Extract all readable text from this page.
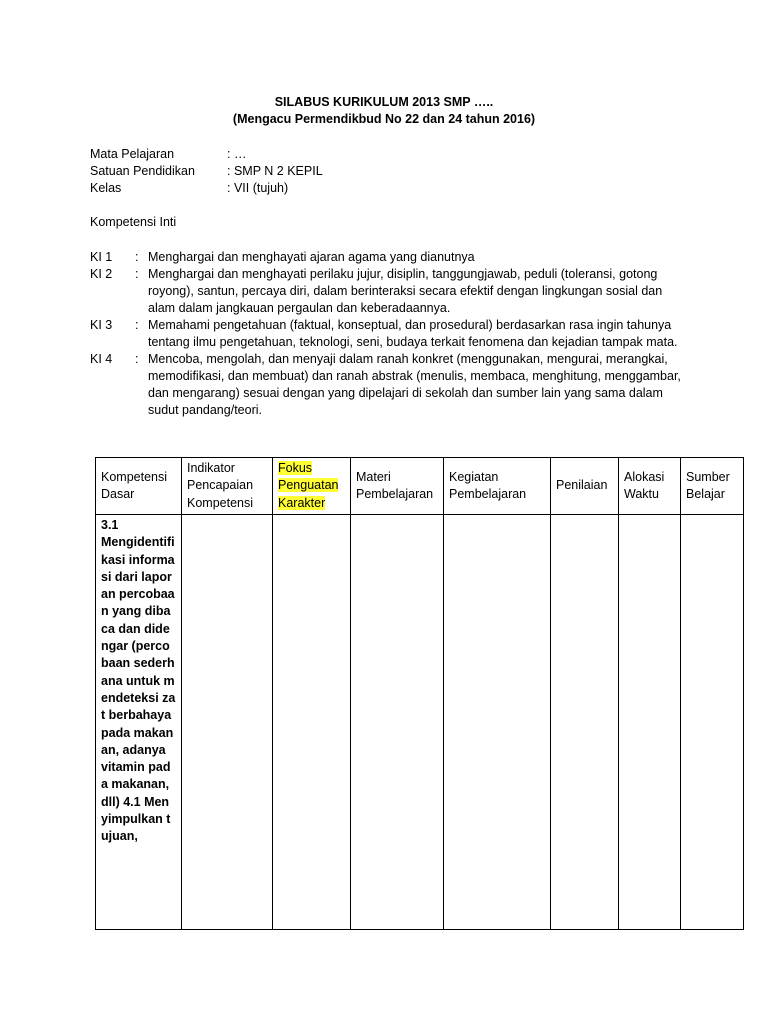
SILABUS KURIKULUM 2013 SMP …..
(Mengacu Permendikbud No 22 dan 24 tahun 2016)
Mata Pelajaran	: …
Satuan Pendidikan	: SMP N 2 KEPIL
Kelas	: VII (tujuh)
Kompetensi Inti
KI 1	: Menghargai dan menghayati ajaran agama yang dianutnya
KI 2	: Menghargai dan menghayati perilaku jujur, disiplin, tanggungjawab, peduli (toleransi, gotong royong), santun, percaya diri, dalam berinteraksi secara efektif dengan lingkungan sosial dan alam dalam jangkauan pergaulan dan keberadaannya.
KI 3	: Memahami pengetahuan (faktual, konseptual, dan prosedural) berdasarkan rasa ingin tahunya tentang ilmu pengetahuan, teknologi, seni, budaya terkait fenomena dan kejadian tampak mata.
KI 4	: Mencoba, mengolah, dan menyaji dalam ranah konkret (menggunakan, mengurai, merangkai, memodifikasi, dan membuat) dan ranah abstrak (menulis, membaca, menghitung, menggambar, dan mengarang) sesuai dengan yang dipelajari di sekolah dan sumber lain yang sama dalam sudut pandang/teori.
Kompetensi Dasar	Indikator Pencapaian Kompetensi	Fokus Penguatan Karakter	Materi Pembelajaran	Kegiatan Pembelajaran	Penilaian	Alokasi Waktu	Sumber Belajar
3.1
Mengidentifikasi informasi dari laporan percobaan yang dibaca dan didengar (percobaan sederhana untuk mendeteksi zat berbahaya pada makanan, adanya vitamin pada makanan, dll) 4.1 Menyimpulkan tujuan,							
